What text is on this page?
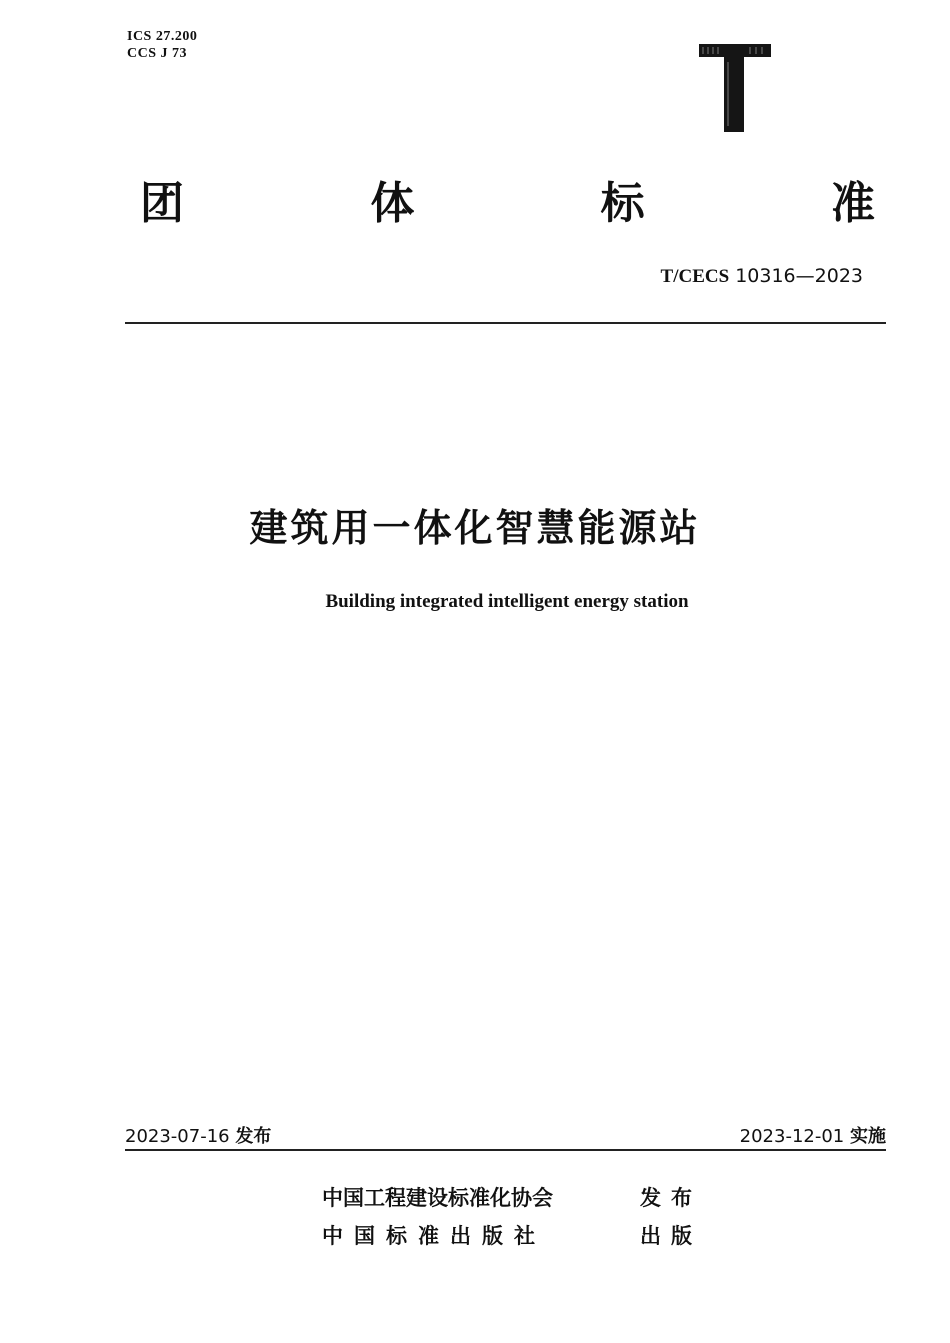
ICS 27.200
CCS J 73
团	体	标	准
T/CECS 10316—2023
建筑用一体化智慧能源站
Building integrated intelligent energy station
2023-07-16 发布	2023-12-01 实施
中国工程建设标准化协会	发布
中国标准出版社	出版
